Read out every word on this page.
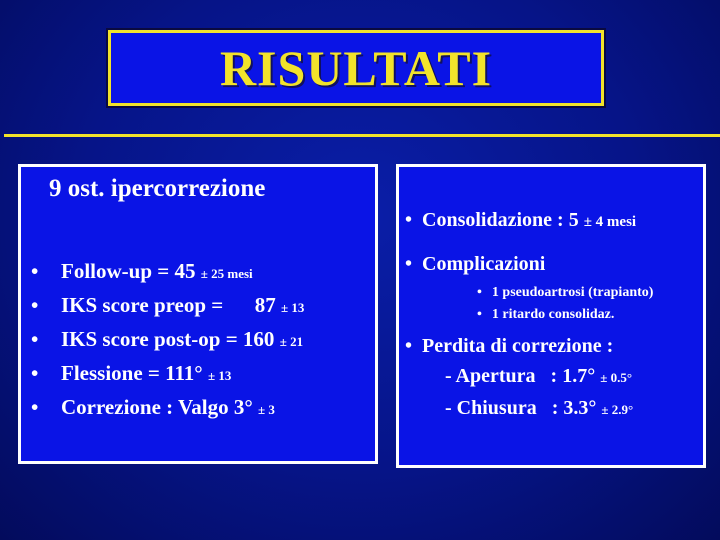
RISULTATI
9 ost. ipercorrezione
• Follow-up = 45 ± 25 mesi
• IKS score preop =      87 ± 13
• IKS score post-op = 160 ± 21
• Flessione = 111° ± 13
• Correzione : Valgo 3° ± 3
• Consolidazione : 5 ± 4 mesi
• Complicazioni
• 1 pseudoartrosi (trapianto)
• 1 ritardo consolidaz.
• Perdita di correzione :
- Apertura   : 1.7° ± 0.5°
- Chiusura   : 3.3° ± 2.9°
